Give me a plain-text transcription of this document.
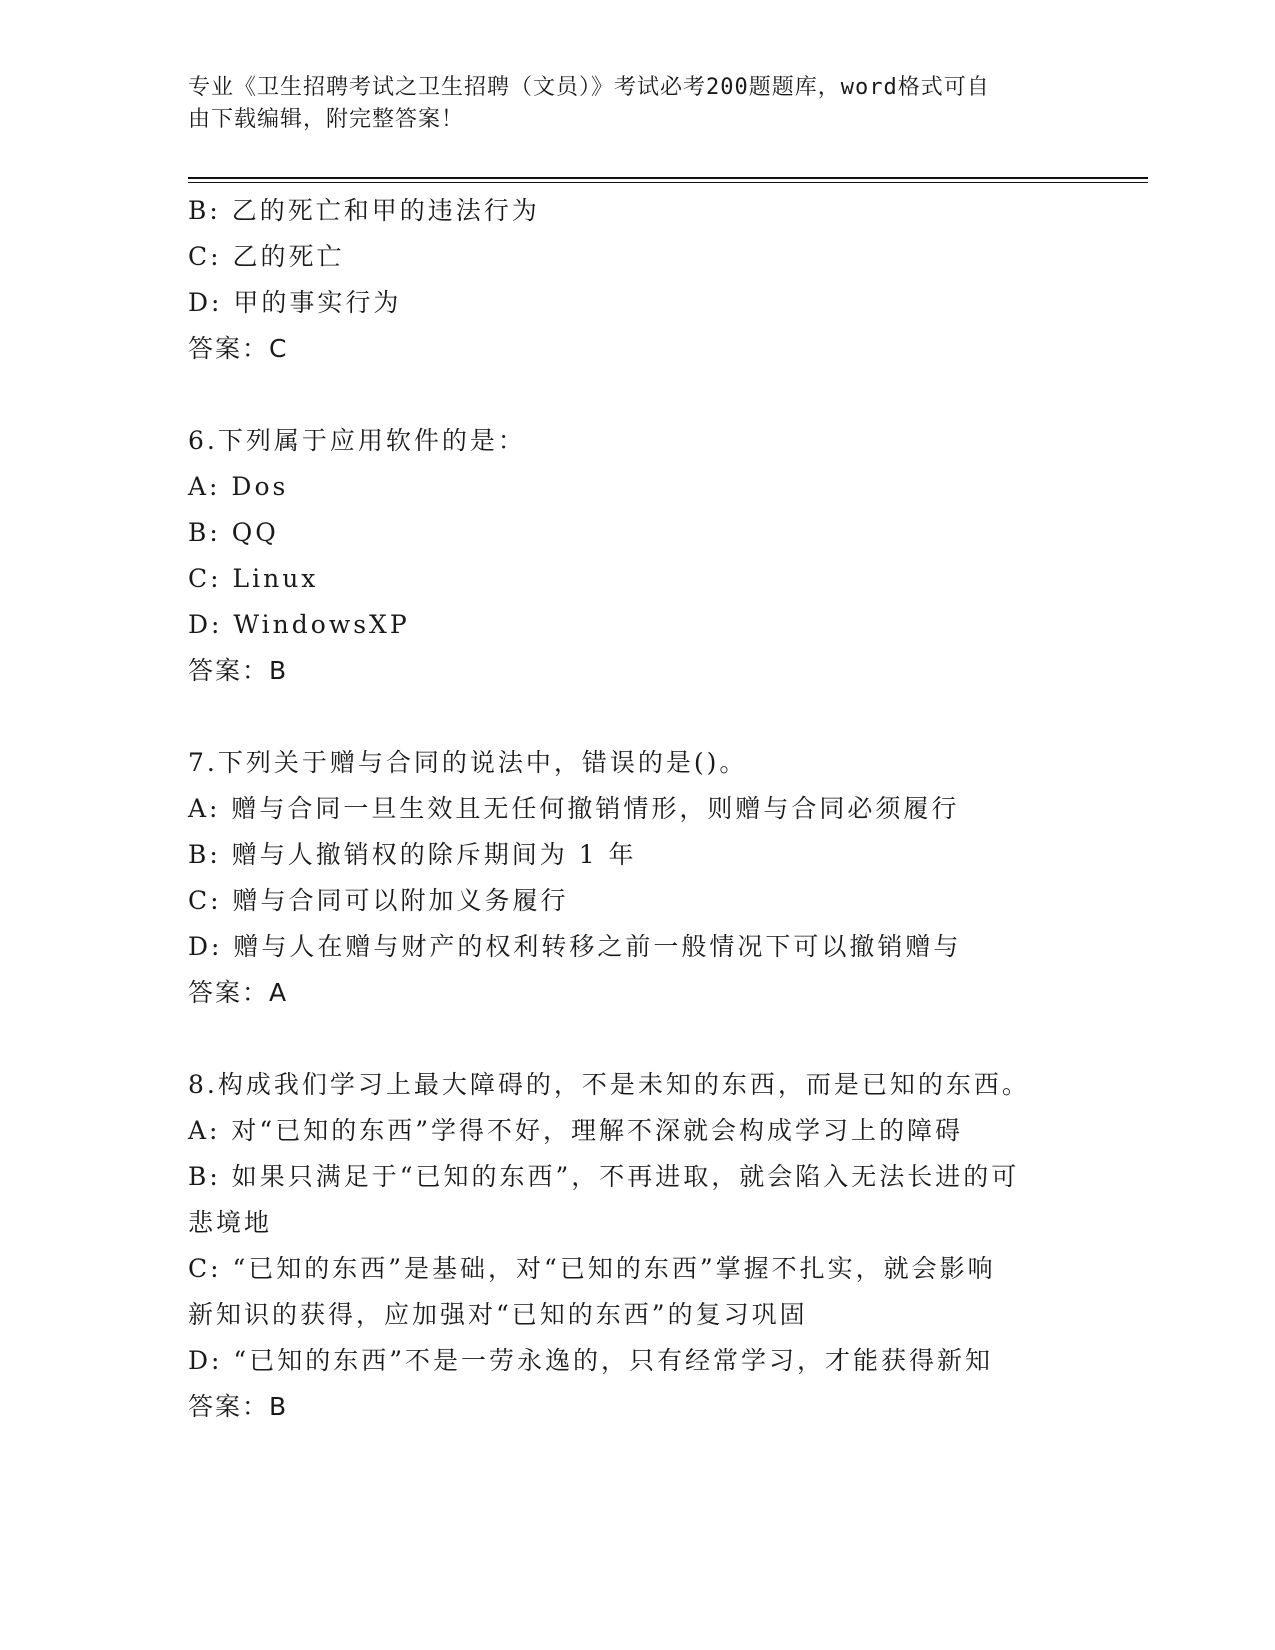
专业《卫生招聘考试之卫生招聘（文员）》考试必考200题题库，word格式可自
由下载编辑，附完整答案！
B: 乙的死亡和甲的违法行为
C: 乙的死亡
D: 甲的事实行为
答案：C
6.下列属于应用软件的是：
A: Dos
B: QQ
C: Linux
D: WindowsXP
答案：B
7.下列关于赠与合同的说法中，错误的是()。
A: 赠与合同一旦生效且无任何撤销情形，则赠与合同必须履行
B: 赠与人撤销权的除斥期间为 1 年
C: 赠与合同可以附加义务履行
D: 赠与人在赠与财产的权利转移之前一般情况下可以撤销赠与
答案：A
8.构成我们学习上最大障碍的，不是未知的东西，而是已知的东西。
A: 对“已知的东西”学得不好，理解不深就会构成学习上的障碍
B: 如果只满足于“已知的东西”，不再进取，就会陷入无法长进的可
悲境地
C: “已知的东西”是基础，对“已知的东西”掌握不扎实，就会影响
新知识的获得，应加强对“已知的东西”的复习巩固
D: “已知的东西”不是一劳永逸的，只有经常学习，才能获得新知
答案：B
